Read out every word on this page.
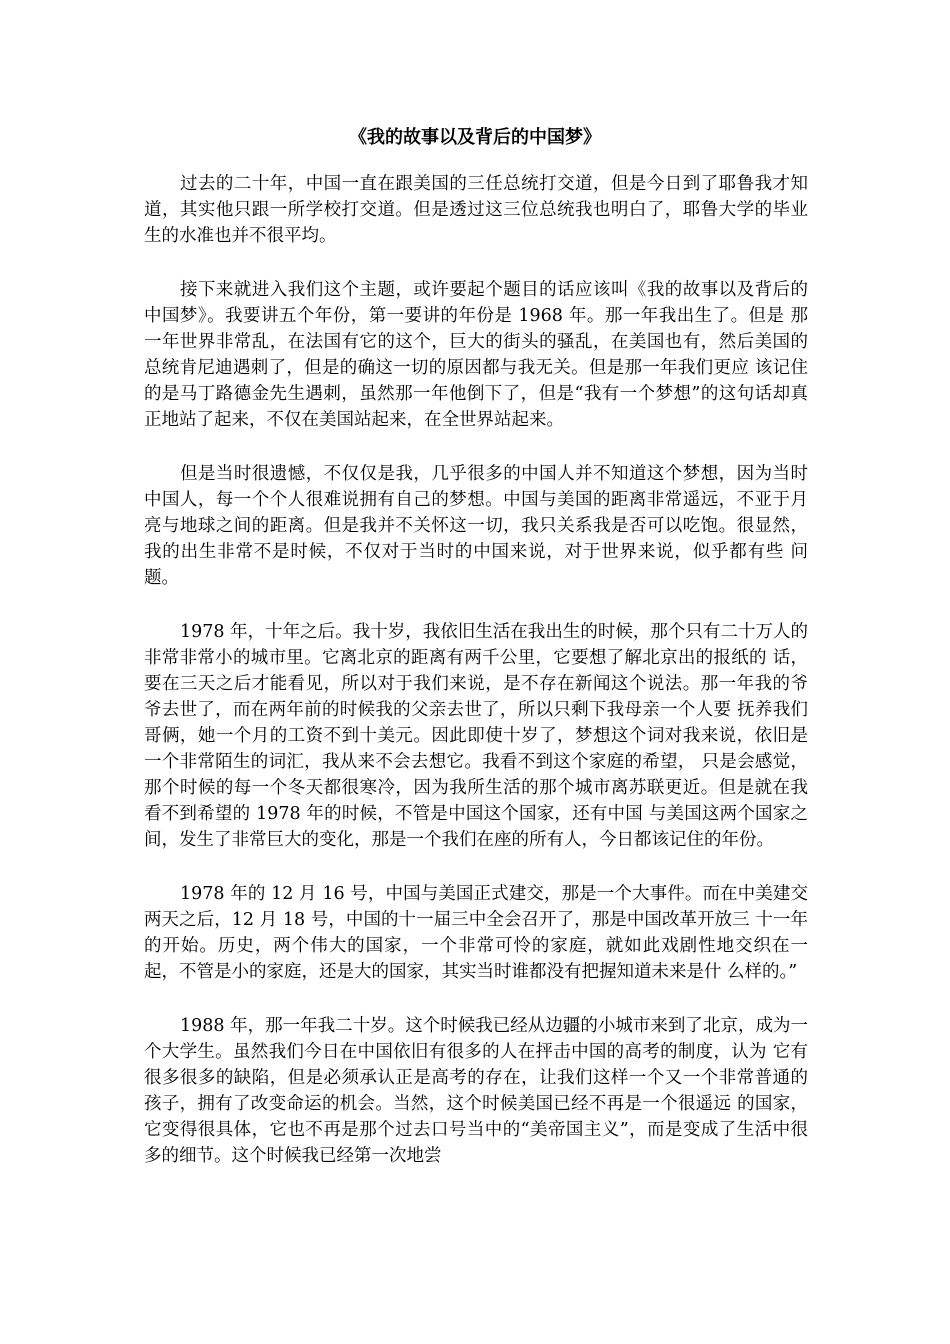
《我的故事以及背后的中国梦》

过去的二十年，中国一直在跟美国的三任总统打交道，但是今日到了耶鲁我才知道，其实他只跟一所学校打交道。但是透过这三位总统我也明白了，耶鲁大学的毕业生的水准也并不很平均。

接下来就进入我们这个主题，或许要起个题目的话应该叫《我的故事以及背后的中国梦》。我要讲五个年份，第一要讲的年份是 1968 年。那一年我出生了。但是 那一年世界非常乱，在法国有它的这个，巨大的街头的骚乱，在美国也有，然后美国的总统肯尼迪遇刺了，但是的确这一切的原因都与我无关。但是那一年我们更应 该记住的是马丁路德金先生遇刺，虽然那一年他倒下了，但是“我有一个梦想”的这句话却真正地站了起来，不仅在美国站起来，在全世界站起来。

但是当时很遗憾，不仅仅是我，几乎很多的中国人并不知道这个梦想，因为当时中国人，每一个个人很难说拥有自己的梦想。中国与美国的距离非常遥远，不亚于月 亮与地球之间的距离。但是我并不关怀这一切，我只关系我是否可以吃饱。很显然，我的出生非常不是时候，不仅对于当时的中国来说，对于世界来说，似乎都有些 问题。

1978 年，十年之后。我十岁，我依旧生活在我出生的时候，那个只有二十万人的非常非常小的城市里。它离北京的距离有两千公里，它要想了解北京出的报纸的 话，要在三天之后才能看见，所以对于我们来说，是不存在新闻这个说法。那一年我的爷爷去世了，而在两年前的时候我的父亲去世了，所以只剩下我母亲一个人要 抚养我们哥俩，她一个月的工资不到十美元。因此即使十岁了，梦想这个词对我来说，依旧是一个非常陌生的词汇，我从来不会去想它。我看不到这个家庭的希望， 只是会感觉，那个时候的每一个冬天都很寒冷，因为我所生活的那个城市离苏联更近。但是就在我看不到希望的 1978 年的时候，不管是中国这个国家，还有中国 与美国这两个国家之间，发生了非常巨大的变化，那是一个我们在座的所有人，今日都该记住的年份。

1978 年的 12 月 16 号，中国与美国正式建交，那是一个大事件。而在中美建交两天之后，12 月 18 号，中国的十一届三中全会召开了，那是中国改革开放三 十一年的开始。历史，两个伟大的国家，一个非常可怜的家庭，就如此戏剧性地交织在一起，不管是小的家庭，还是大的国家，其实当时谁都没有把握知道未来是什 么样的。”

1988 年，那一年我二十岁。这个时候我已经从边疆的小城市来到了北京，成为一个大学生。虽然我们今日在中国依旧有很多的人在抨击中国的高考的制度，认为 它有很多很多的缺陷，但是必须承认正是高考的存在，让我们这样一个又一个非常普通的孩子，拥有了改变命运的机会。当然，这个时候美国已经不再是一个很遥远 的国家，它变得很具体，它也不再是那个过去口号当中的“美帝国主义”，而是变成了生活中很多的细节。这个时候我已经第一次地尝
